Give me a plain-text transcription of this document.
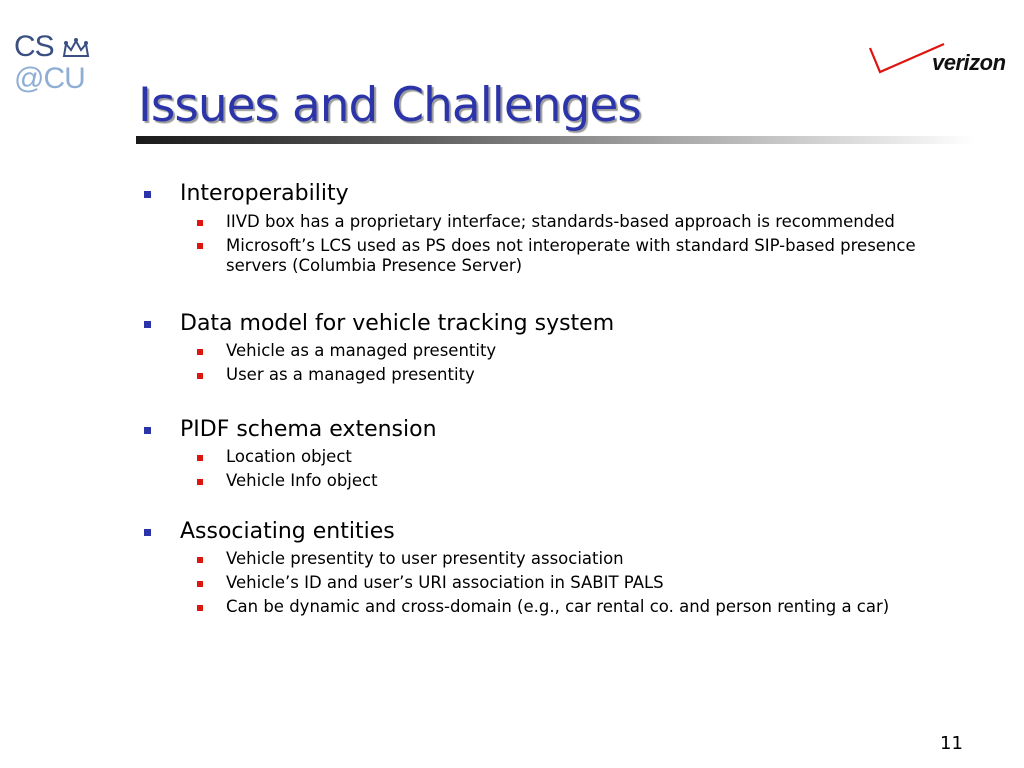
CS
@CU	verizon
Issues and Challenges
Interoperability
IIVD box has a proprietary interface; standards-based approach is recommended
Microsoft’s LCS used as PS does not interoperate with standard SIP-based presence
servers (Columbia Presence Server)
Data model for vehicle tracking system
Vehicle as a managed presentity
User as a managed presentity
PIDF schema extension
Location object
Vehicle Info object
Associating entities
Vehicle presentity to user presentity association
Vehicle’s ID and user’s URI association in SABIT PALS
Can be dynamic and cross-domain (e.g., car rental co. and person renting a car)
11
